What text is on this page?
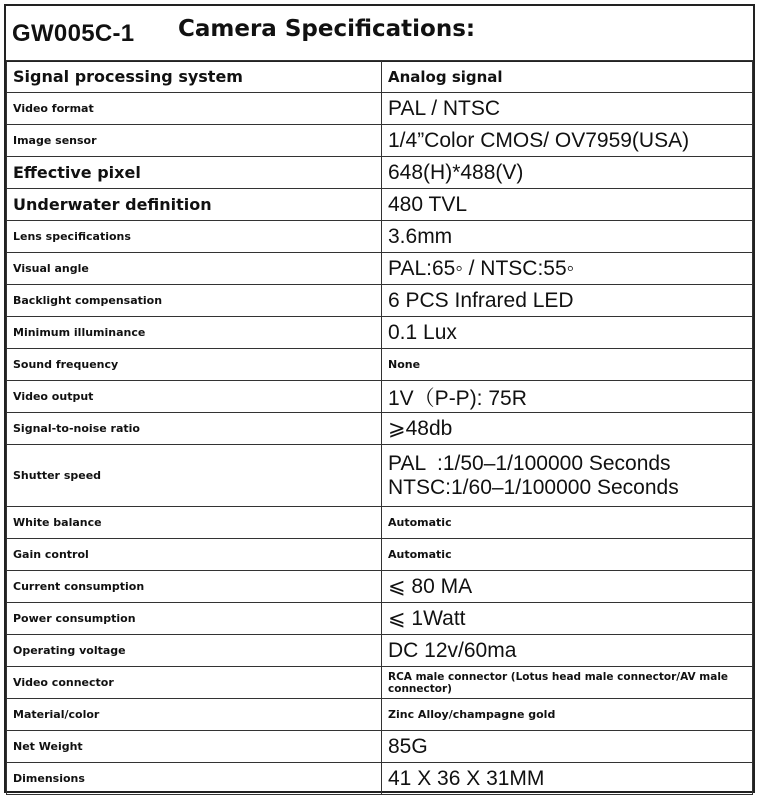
GW005C-1 Camera Specifications:
Signal processing system	Analog signal
Video format	PAL / NTSC
Image sensor	1/4”Color CMOS/ OV7959(USA)
Effective pixel	648(H)*488(V)
Underwater definition	480 TVL
Lens specifications	3.6mm
Visual angle	PAL:65◦ / NTSC:55◦
Backlight compensation	6 PCS Infrared LED
Minimum illuminance	0.1 Lux
Sound frequency	None
Video output	1V（P-P): 75R
Signal-to-noise ratio	⩾48db
Shutter speed	PAL  :1/50–1/100000 Seconds
NTSC:1/60–1/100000 Seconds

White balance	Automatic
Gain control	Automatic
Current consumption	⩽ 80 MA
Power consumption	⩽ 1Watt
Operating voltage	DC 12v/60ma
Video connector	RCA male connector (Lotus head male connector/AV male connector)
Material/color	Zinc Alloy/champagne gold
Net Weight	85G
Dimensions	41 X 36 X 31MM
